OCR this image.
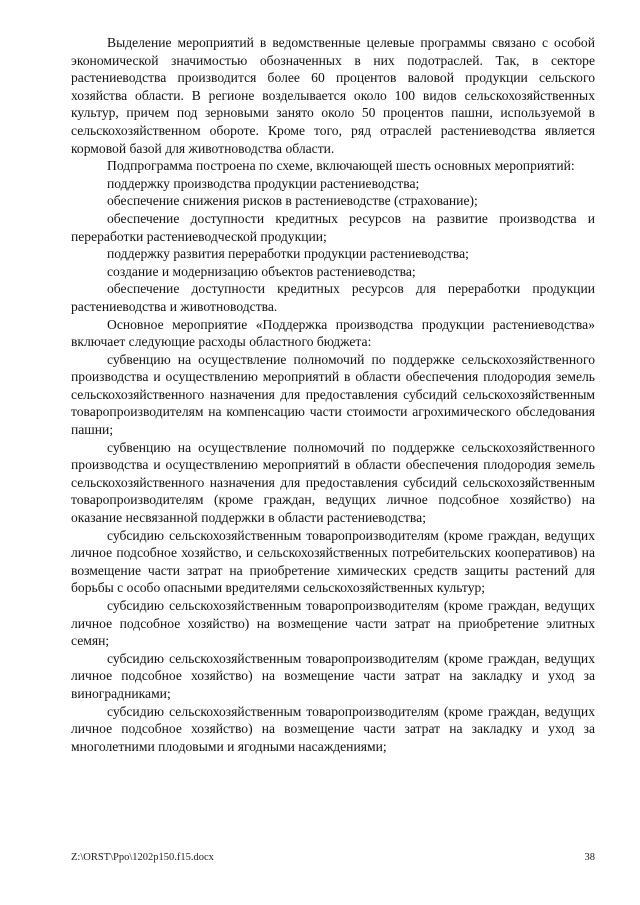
Выделение мероприятий в ведомственные целевые программы связано с особой экономической значимостью обозначенных в них подотраслей. Так, в секторе растениеводства производится более 60 процентов валовой продукции сельского хозяйства области. В регионе возделывается около 100 видов сельскохозяйственных культур, причем под зерновыми занято около 50 процентов пашни, используемой в сельскохозяйственном обороте. Кроме того, ряд отраслей растениеводства является кормовой базой для животноводства области.

Подпрограмма построена по схеме, включающей шесть основных мероприятий:

поддержку производства продукции растениеводства;

обеспечение снижения рисков в растениеводстве (страхование);

обеспечение доступности кредитных ресурсов на развитие производства и переработки растениеводческой продукции;

поддержку развития переработки продукции растениеводства;

создание и модернизацию объектов растениеводства;

обеспечение доступности кредитных ресурсов для переработки продукции растениеводства и животноводства.

Основное мероприятие «Поддержка производства продукции растениеводства» включает следующие расходы областного бюджета:

субвенцию на осуществление полномочий по поддержке сельскохозяйственного производства и осуществлению мероприятий в области обеспечения плодородия земель сельскохозяйственного назначения для предоставления субсидий сельскохозяйственным товаропроизводителям на компенсацию части стоимости агрохимического обследования пашни;

субвенцию на осуществление полномочий по поддержке сельскохозяйственного производства и осуществлению мероприятий в области обеспечения плодородия земель сельскохозяйственного назначения для предоставления субсидий сельскохозяйственным товаропроизводителям (кроме граждан, ведущих личное подсобное хозяйство) на оказание несвязанной поддержки в области растениеводства;

субсидию сельскохозяйственным товаропроизводителям (кроме граждан, ведущих личное подсобное хозяйство, и сельскохозяйственных потребительских кооперативов) на возмещение части затрат на приобретение химических средств защиты растений для борьбы с особо опасными вредителями сельскохозяйственных культур;

субсидию сельскохозяйственным товаропроизводителям (кроме граждан, ведущих личное подсобное хозяйство) на возмещение части затрат на приобретение элитных семян;

субсидию сельскохозяйственным товаропроизводителям (кроме граждан, ведущих личное подсобное хозяйство) на возмещение части затрат на закладку и уход за виноградниками;

субсидию сельскохозяйственным товаропроизводителям (кроме граждан, ведущих личное подсобное хозяйство) на возмещение части затрат на закладку и уход за многолетними плодовыми и ягодными насаждениями;

Z:\ORST\Ppo\1202p150.f15.docx	38
